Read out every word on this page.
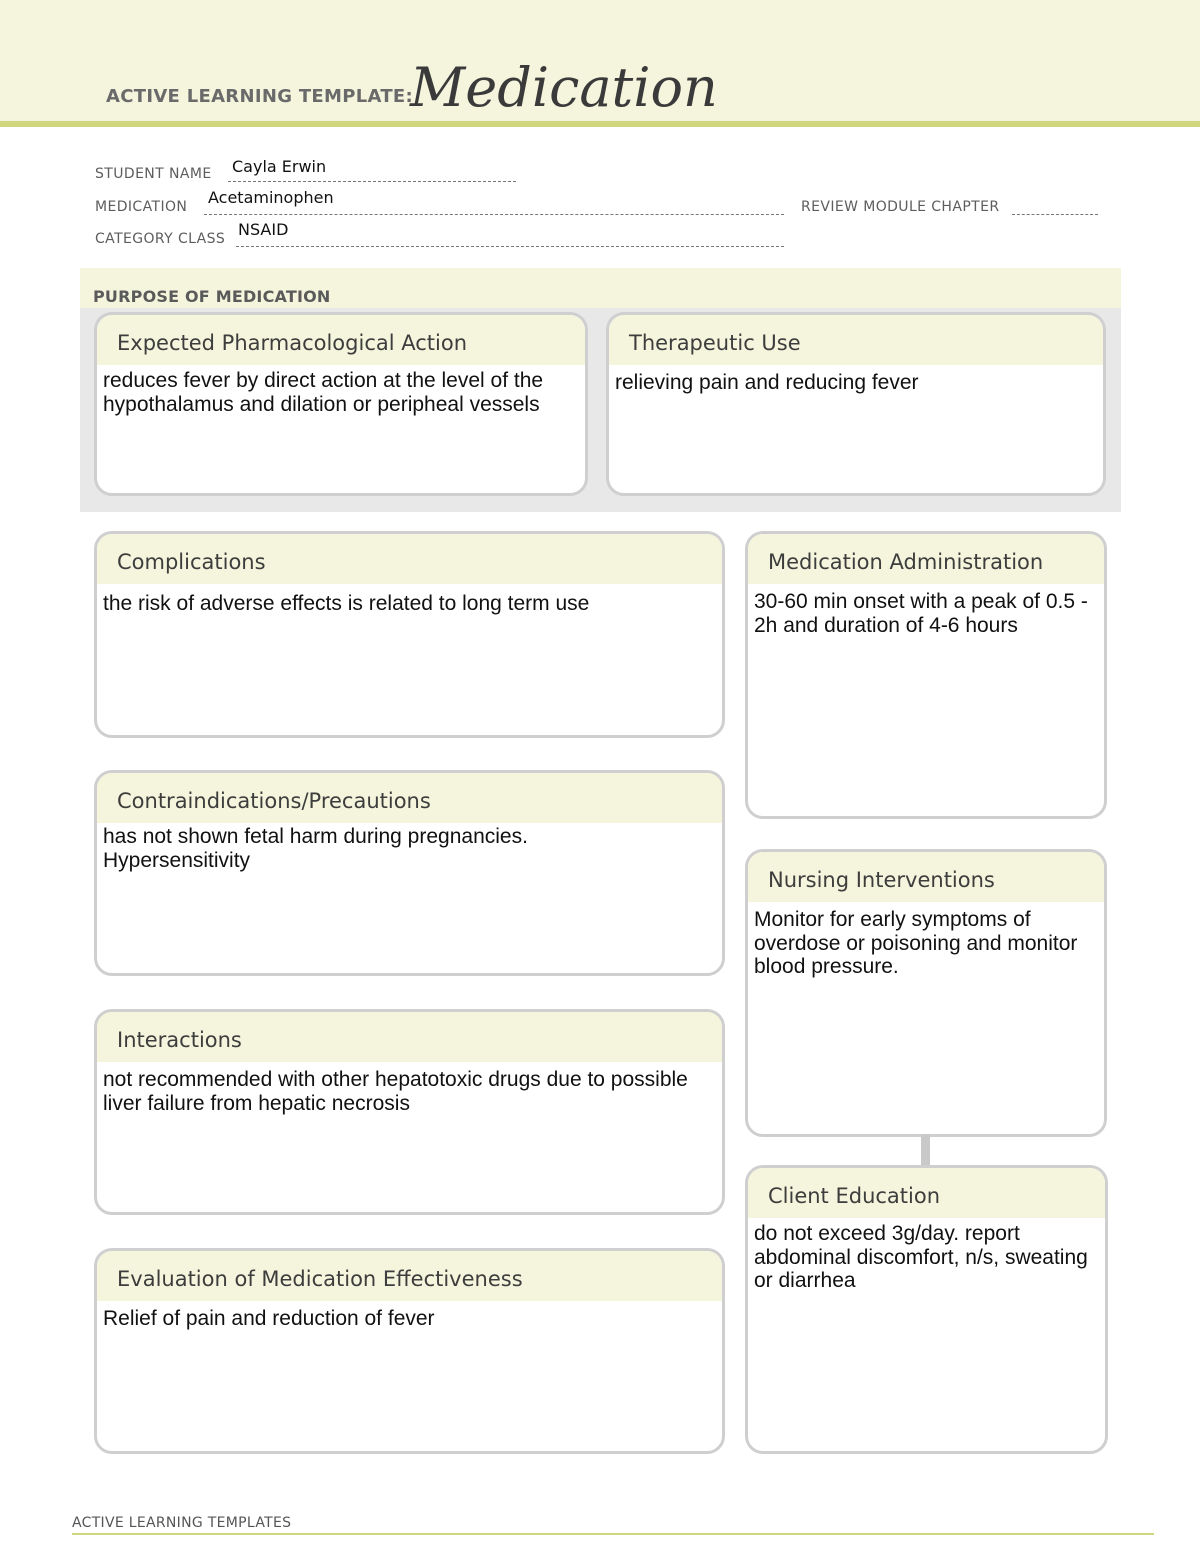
ACTIVE LEARNING TEMPLATE:
Medication
STUDENT NAME Cayla Erwin
MEDICATION Acetaminophen	REVIEW MODULE CHAPTER
CATEGORY CLASS NSAID
PURPOSE OF MEDICATION
Expected Pharmacological Action
reduces fever by direct action at the level of the hypothalamus and dilation or peripheal vessels
Therapeutic Use
relieving pain and reducing fever
Complications
the risk of adverse effects is related to long term use
Contraindications/Precautions
has not shown fetal harm during pregnancies.
Hypersensitivity
Interactions
not recommended with other hepatotoxic drugs due to possible liver failure from hepatic necrosis
Evaluation of Medication Effectiveness
Relief of pain and reduction of fever
Medication Administration
30-60 min onset with a peak of 0.5 - 2h and duration of 4-6 hours
Nursing Interventions
Monitor for early symptoms of overdose or poisoning and monitor blood pressure.
Client Education
do not exceed 3g/day. report abdominal discomfort, n/s, sweating or diarrhea
ACTIVE LEARNING TEMPLATES
